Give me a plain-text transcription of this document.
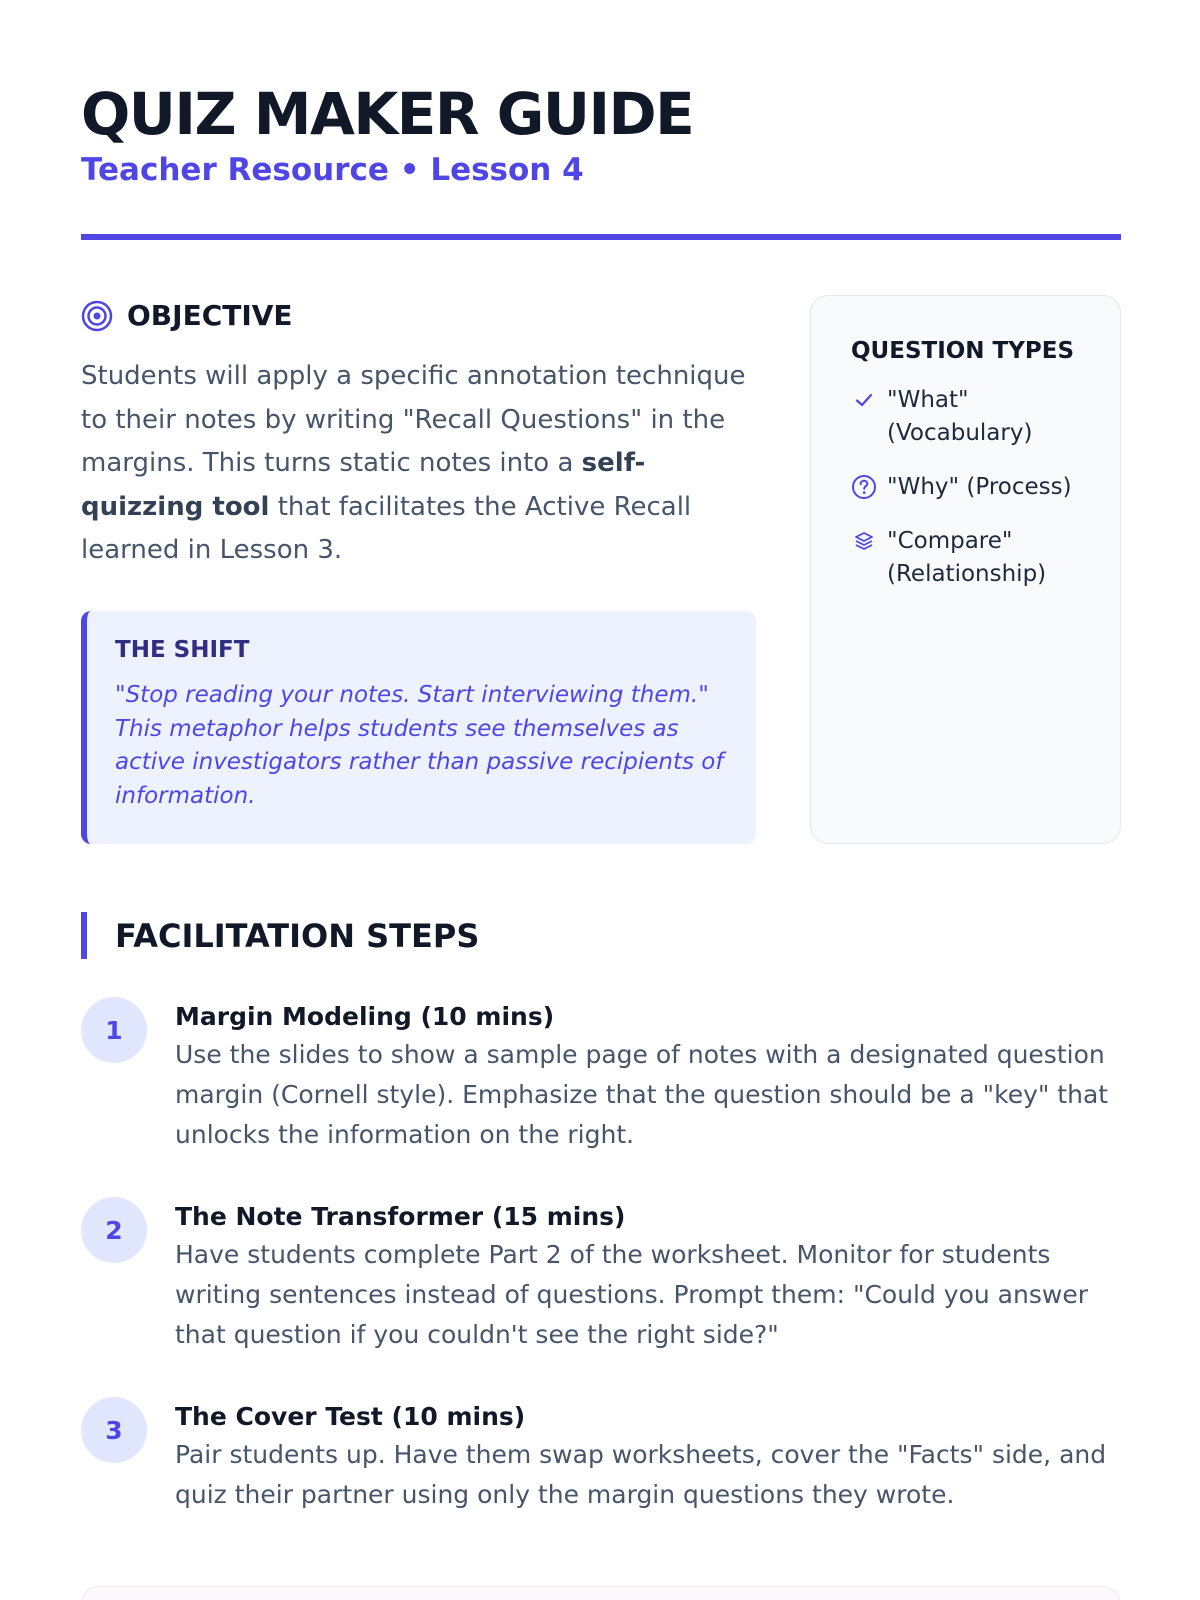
QUIZ MAKER GUIDE
Teacher Resource • Lesson 4
OBJECTIVE

Students will apply a specific annotation technique to their notes by writing "Recall Questions" in the margins. This turns static notes into a self-quizzing tool that facilitates the Active Recall learned in Lesson 3.

THE SHIFT

"Stop reading your notes. Start interviewing them." This metaphor helps students see themselves as active investigators rather than passive recipients of information.

QUESTION TYPES
"What" (Vocabulary)
"Why" (Process)
"Compare" (Relationship)
FACILITATION STEPS
1	Margin Modeling (10 mins)

Use the slides to show a sample page of notes with a designated question margin (Cornell style). Emphasize that the question should be a "key" that unlocks the information on the right.

2	The Note Transformer (15 mins)

Have students complete Part 2 of the worksheet. Monitor for students writing sentences instead of questions. Prompt them: "Could you answer that question if you couldn't see the right side?"

3	The Cover Test (10 mins)

Pair students up. Have them swap worksheets, cover the "Facts" side, and quiz their partner using only the margin questions they wrote.
